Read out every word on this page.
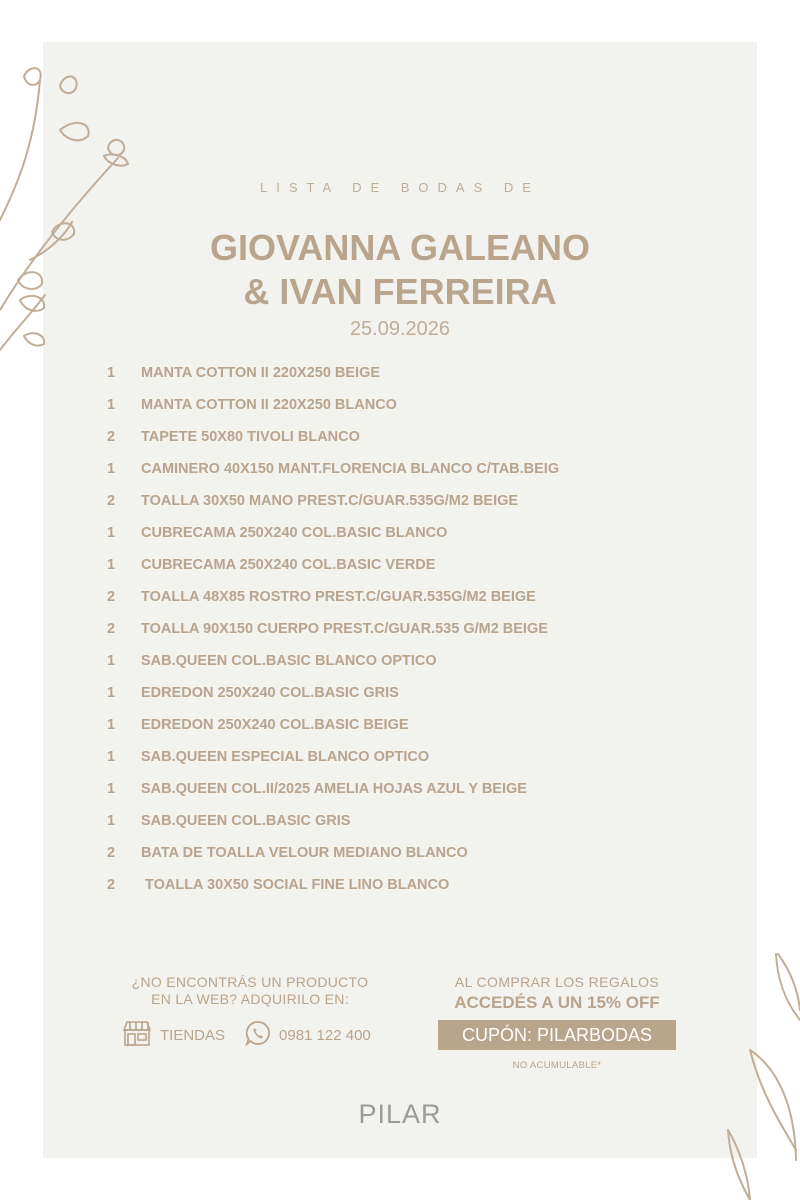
LISTA DE BODAS DE
GIOVANNA GALEANO
& IVAN FERREIRA
25.09.2026
1 MANTA COTTON II 220X250 BEIGE
1 MANTA COTTON II 220X250 BLANCO
2 TAPETE 50X80 TIVOLI BLANCO
1 CAMINERO 40X150 MANT.FLORENCIA BLANCO C/TAB.BEIG
2 TOALLA 30X50 MANO PREST.C/GUAR.535G/M2 BEIGE
1 CUBRECAMA 250X240 COL.BASIC BLANCO
1 CUBRECAMA 250X240 COL.BASIC VERDE
2 TOALLA 48X85 ROSTRO PREST.C/GUAR.535G/M2 BEIGE
2 TOALLA 90X150 CUERPO PREST.C/GUAR.535 G/M2 BEIGE
1 SAB.QUEEN COL.BASIC BLANCO OPTICO
1 EDREDON 250X240 COL.BASIC GRIS
1 EDREDON 250X240 COL.BASIC BEIGE
1 SAB.QUEEN ESPECIAL BLANCO OPTICO
1 SAB.QUEEN COL.II/2025 AMELIA HOJAS AZUL Y BEIGE
1 SAB.QUEEN COL.BASIC GRIS
2 BATA DE TOALLA VELOUR MEDIANO BLANCO
2 TOALLA 30X50 SOCIAL FINE LINO BLANCO
¿NO ENCONTRÁS UN PRODUCTO
EN LA WEB? ADQUIRILO EN:
TIENDAS	0981 122 400
AL COMPRAR LOS REGALOS
ACCEDÉS A UN 15% OFF
CUPÓN: PILARBODAS
NO ACUMULABLE*
PILAR
